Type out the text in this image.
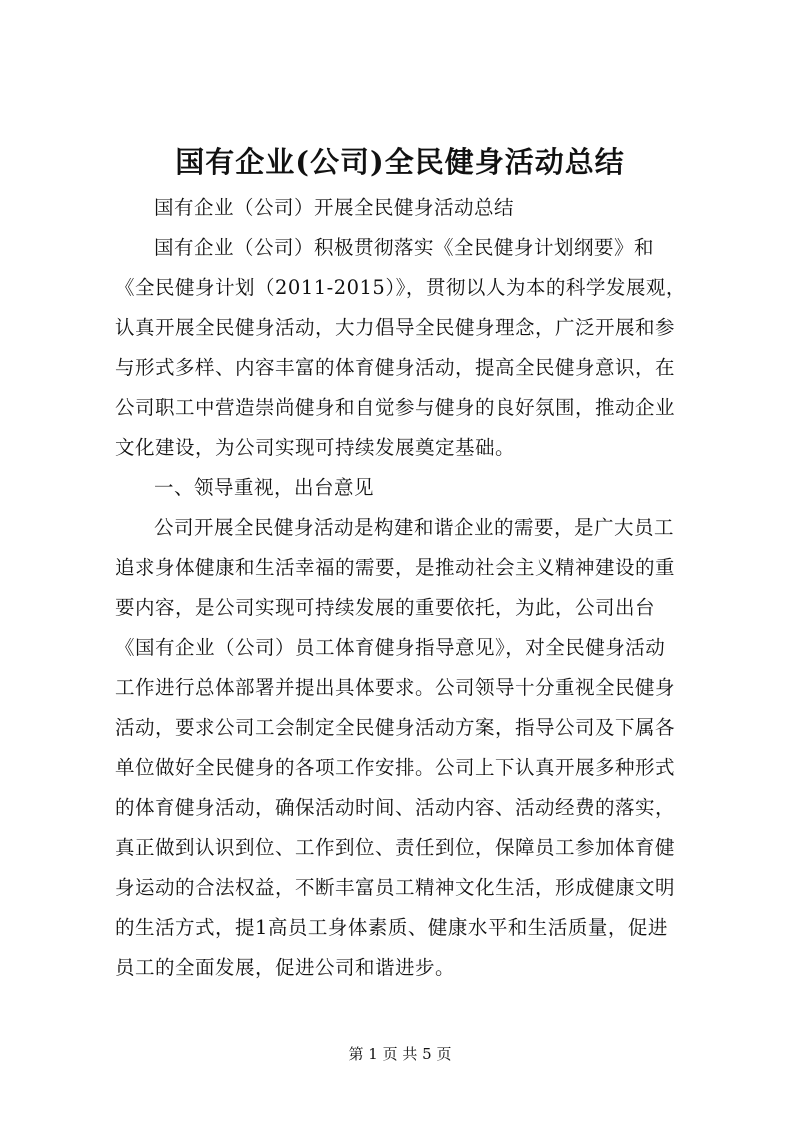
国有企业(公司)全民健身活动总结

国有企业（公司）开展全民健身活动总结

国有企业（公司）积极贯彻落实《全民健身计划纲要》和

《全民健身计划（2011-2015）》，贯彻以人为本的科学发展观，

认真开展全民健身活动，大力倡导全民健身理念，广泛开展和参

与形式多样、内容丰富的体育健身活动，提高全民健身意识，在

公司职工中营造崇尚健身和自觉参与健身的良好氛围，推动企业

文化建设，为公司实现可持续发展奠定基础。

一、领导重视，出台意见

公司开展全民健身活动是构建和谐企业的需要，是广大员工

追求身体健康和生活幸福的需要，是推动社会主义精神建设的重

要内容，是公司实现可持续发展的重要依托，为此，公司出台

《国有企业（公司）员工体育健身指导意见》，对全民健身活动

工作进行总体部署并提出具体要求。公司领导十分重视全民健身

活动，要求公司工会制定全民健身活动方案，指导公司及下属各

单位做好全民健身的各项工作安排。公司上下认真开展多种形式

的体育健身活动，确保活动时间、活动内容、活动经费的落实，

真正做到认识到位、工作到位、责任到位，保障员工参加体育健

身运动的合法权益，不断丰富员工精神文化生活，形成健康文明

的生活方式，提1高员工身体素质、健康水平和生活质量，促进

员工的全面发展，促进公司和谐进步。

第 1 页 共 5 页
